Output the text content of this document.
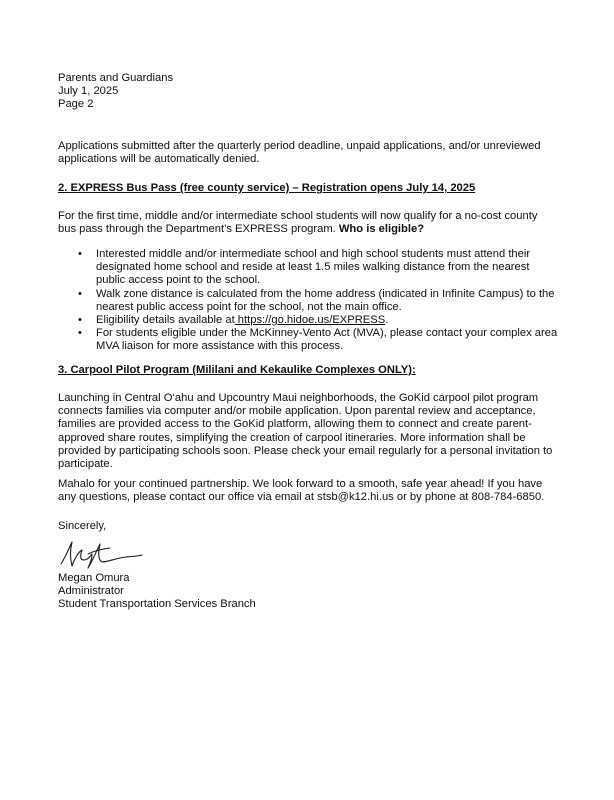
Parents and Guardians
July 1, 2025
Page 2

Applications submitted after the quarterly period deadline, unpaid applications, and/or unreviewed applications will be automatically denied.

2. EXPRESS Bus Pass (free county service) – Registration opens July 14, 2025

For the first time, middle and/or intermediate school students will now qualify for a no-cost county bus pass through the Department’s EXPRESS program. Who is eligible?

• Interested middle and/or intermediate school and high school students must attend their designated home school and reside at least 1.5 miles walking distance from the nearest public access point to the school.
• Walk zone distance is calculated from the home address (indicated in Infinite Campus) to the nearest public access point for the school, not the main office.
• Eligibility details available at https://go.hidoe.us/EXPRESS.
• For students eligible under the McKinney-Vento Act (MVA), please contact your complex area MVA liaison for more assistance with this process.

3. Carpool Pilot Program (Mililani and Kekaulike Complexes ONLY):

Launching in Central O‘ahu and Upcountry Maui neighborhoods, the GoKid carpool pilot program connects families via computer and/or mobile application. Upon parental review and acceptance, families are provided access to the GoKid platform, allowing them to connect and create parent-approved share routes, simplifying the creation of carpool itineraries. More information shall be provided by participating schools soon. Please check your email regularly for a personal invitation to participate.

Mahalo for your continued partnership. We look forward to a smooth, safe year ahead! If you have any questions, please contact our office via email at stsb@k12.hi.us or by phone at 808-784-6850.

Sincerely,

Megan Omura
Administrator
Student Transportation Services Branch
